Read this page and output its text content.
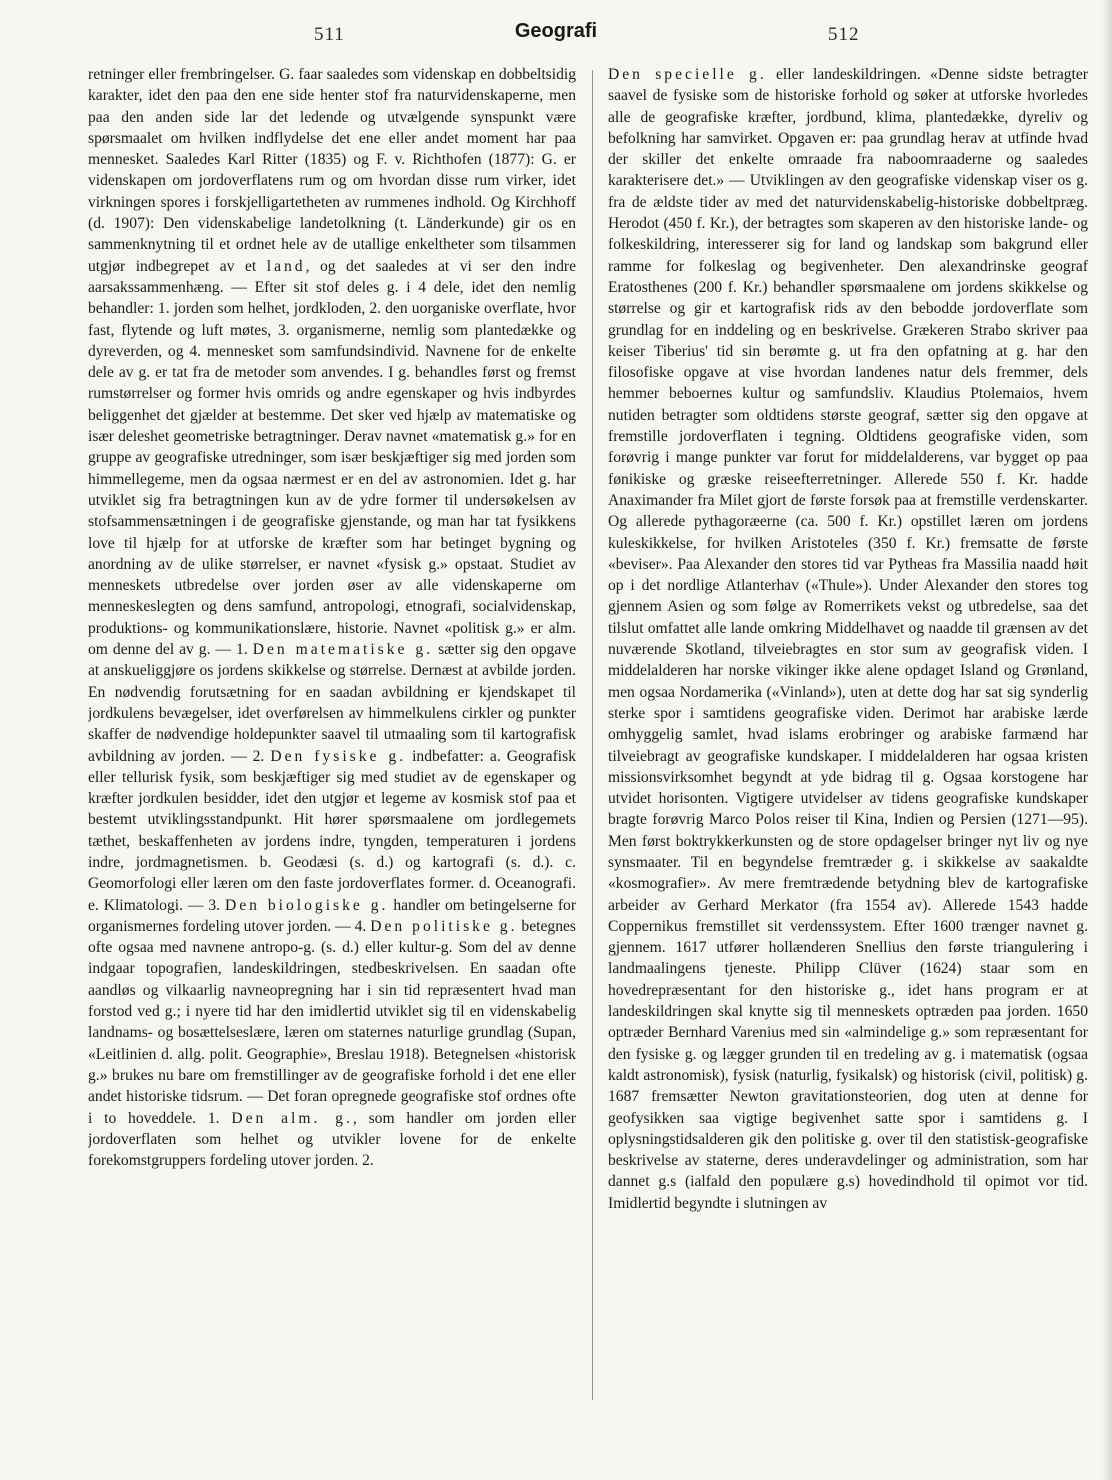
511	Geografi	512

retninger eller frembringelser. G. faar saaledes som videnskap en dobbeltsidig karakter, idet den paa den ene side henter stof fra naturvidenskaperne, men paa den anden side lar det ledende og utvælgende synspunkt være spørsmaalet om hvilken indflydelse det ene eller andet moment har paa mennesket. Saaledes Karl Ritter (1835) og F. v. Richthofen (1877): G. er videnskapen om jordoverflatens rum og om hvordan disse rum virker, idet virkningen spores i forskjelligartetheten av rummenes indhold. Og Kirchhoff (d. 1907): Den videnskabelige landetolkning (t. Länderkunde) gir os en sammenknytning til et ordnet hele av de utallige enkeltheter som tilsammen utgjør indbegrepet av et land, og det saaledes at vi ser den indre aarsakssammenhæng. — Efter sit stof deles g. i 4 dele, idet den nemlig behandler: 1. jorden som helhet, jordkloden, 2. den uorganiske overflate, hvor fast, flytende og luft møtes, 3. organismerne, nemlig som plantedække og dyreverden, og 4. mennesket som samfundsindivid. Navnene for de enkelte dele av g. er tat fra de metoder som anvendes. I g. behandles først og fremst rumstørrelser og former hvis omrids og andre egenskaper og hvis indbyrdes beliggenhet det gjælder at bestemme. Det sker ved hjælp av matematiske og især deleshet geometriske betragtninger. Derav navnet «matematisk g.» for en gruppe av geografiske utredninger, som især beskjæftiger sig med jorden som himmellegeme, men da ogsaa nærmest er en del av astronomien. Idet g. har utviklet sig fra betragtningen kun av de ydre former til undersøkelsen av stofsammensætningen i de geografiske gjenstande, og man har tat fysikkens love til hjælp for at utforske de kræfter som har betinget bygning og anordning av de ulike størrelser, er navnet «fysisk g.» opstaat. Studiet av menneskets utbredelse over jorden øser av alle videnskaperne om menneskeslegten og dens samfund, antropologi, etnografi, socialvidenskap, produktions- og kommunikationslære, historie. Navnet «politisk g.» er alm. om denne del av g. — 1. Den matematiske g. sætter sig den opgave at anskueliggjøre os jordens skikkelse og størrelse. Dernæst at avbilde jorden. En nødvendig forutsætning for en saadan avbildning er kjendskapet til jordkulens bevægelser, idet overførelsen av himmelkulens cirkler og punkter skaffer de nødvendige holdepunkter saavel til utmaaling som til kartografisk avbildning av jorden. — 2. Den fysiske g. indbefatter: a. Geografisk eller tellurisk fysik, som beskjæftiger sig med studiet av de egenskaper og kræfter jordkulen besidder, idet den utgjør et legeme av kosmisk stof paa et bestemt utviklingsstandpunkt. Hit hører spørsmaalene om jordlegemets tæthet, beskaffenheten av jordens indre, tyngden, temperaturen i jordens indre, jordmagnetismen. b. Geodæsi (s. d.) og kartografi (s. d.). c. Geomorfologi eller læren om den faste jordoverflates former. d. Oceanografi. e. Klimatologi. — 3. Den biologiske g. handler om betingelserne for organismernes fordeling utover jorden. — 4. Den politiske g. betegnes ofte ogsaa med navnene antropo-g. (s. d.) eller kultur-g. Som del av denne indgaar topografien, landeskildringen, stedbeskrivelsen. En saadan ofte aandløs og vilkaarlig navneopregning har i sin tid repræsentert hvad man forstod ved g.; i nyere tid har den imidlertid utviklet sig til en videnskabelig landnams- og bosættelseslære, læren om staternes naturlige grundlag (Supan, «Leitlinien d. allg. polit. Geographie», Breslau 1918). Betegnelsen «historisk g.» brukes nu bare om fremstillinger av de geografiske forhold i det ene eller andet historiske tidsrum. — Det foran opregnede geografiske stof ordnes ofte i to hoveddele. 1. Den alm. g., som handler om jorden eller jordoverflaten som helhet og utvikler lovene for de enkelte forekomstgruppers fordeling utover jorden. 2.

Den specielle g. eller landeskildringen. «Denne sidste betragter saavel de fysiske som de historiske forhold og søker at utforske hvorledes alle de geografiske kræfter, jordbund, klima, plantedække, dyreliv og befolkning har samvirket. Opgaven er: paa grundlag herav at utfinde hvad der skiller det enkelte omraade fra naboomraaderne og saaledes karakterisere det.» — Utviklingen av den geografiske videnskap viser os g. fra de ældste tider av med det naturvidenskabelig-historiske dobbeltpræg. Herodot (450 f. Kr.), der betragtes som skaperen av den historiske lande- og folkeskildring, interesserer sig for land og landskap som bakgrund eller ramme for folkeslag og begivenheter. Den alexandrinske geograf Eratosthenes (200 f. Kr.) behandler spørsmaalene om jordens skikkelse og størrelse og gir et kartografisk rids av den bebodde jordoverflate som grundlag for en inddeling og en beskrivelse. Grækeren Strabo skriver paa keiser Tiberius' tid sin berømte g. ut fra den opfatning at g. har den filosofiske opgave at vise hvordan landenes natur dels fremmer, dels hemmer beboernes kultur og samfundsliv. Klaudius Ptolemaios, hvem nutiden betragter som oldtidens største geograf, sætter sig den opgave at fremstille jordoverflaten i tegning. Oldtidens geografiske viden, som forøvrig i mange punkter var forut for middelalderens, var bygget op paa fønikiske og græske reiseefterretninger. Allerede 550 f. Kr. hadde Anaximander fra Milet gjort de første forsøk paa at fremstille verdenskarter. Og allerede pythagoræerne (ca. 500 f. Kr.) opstillet læren om jordens kuleskikkelse, for hvilken Aristoteles (350 f. Kr.) fremsatte de første «beviser». Paa Alexander den stores tid var Pytheas fra Massilia naadd høit op i det nordlige Atlanterhav («Thule»). Under Alexander den stores tog gjennem Asien og som følge av Romerrikets vekst og utbredelse, saa det tilslut omfattet alle lande omkring Middelhavet og naadde til grænsen av det nuværende Skotland, tilveiebragtes en stor sum av geografisk viden. I middelalderen har norske vikinger ikke alene opdaget Island og Grønland, men ogsaa Nordamerika («Vinland»), uten at dette dog har sat sig synderlig sterke spor i samtidens geografiske viden. Derimot har arabiske lærde omhyggelig samlet, hvad islams erobringer og arabiske farmænd har tilveiebragt av geografiske kundskaper. I middelalderen har ogsaa kristen missionsvirksomhet begyndt at yde bidrag til g. Ogsaa korstogene har utvidet horisonten. Vigtigere utvidelser av tidens geografiske kundskaper bragte forøvrig Marco Polos reiser til Kina, Indien og Persien (1271—95). Men først boktrykkerkunsten og de store opdagelser bringer nyt liv og nye synsmaater. Til en begyndelse fremtræder g. i skikkelse av saakaldte «kosmografier». Av mere fremtrædende betydning blev de kartografiske arbeider av Gerhard Merkator (fra 1554 av). Allerede 1543 hadde Coppernikus fremstillet sit verdenssystem. Efter 1600 trænger navnet g. gjennem. 1617 utfører hollænderen Snellius den første triangulering i landmaalingens tjeneste. Philipp Clüver (1624) staar som en hovedrepræsentant for den historiske g., idet hans program er at landeskildringen skal knytte sig til menneskets optræden paa jorden. 1650 optræder Bernhard Varenius med sin «almindelige g.» som repræsentant for den fysiske g. og lægger grunden til en tredeling av g. i matematisk (ogsaa kaldt astronomisk), fysisk (naturlig, fysikalsk) og historisk (civil, politisk) g. 1687 fremsætter Newton gravitationsteorien, dog uten at denne for geofysikken saa vigtige begivenhet satte spor i samtidens g. I oplysningstidsalderen gik den politiske g. over til den statistisk-geografiske beskrivelse av staterne, deres underavdelinger og administration, som har dannet g.s (ialfald den populære g.s) hovedindhold til opimot vor tid. Imidlertid begyndte i slutningen av
